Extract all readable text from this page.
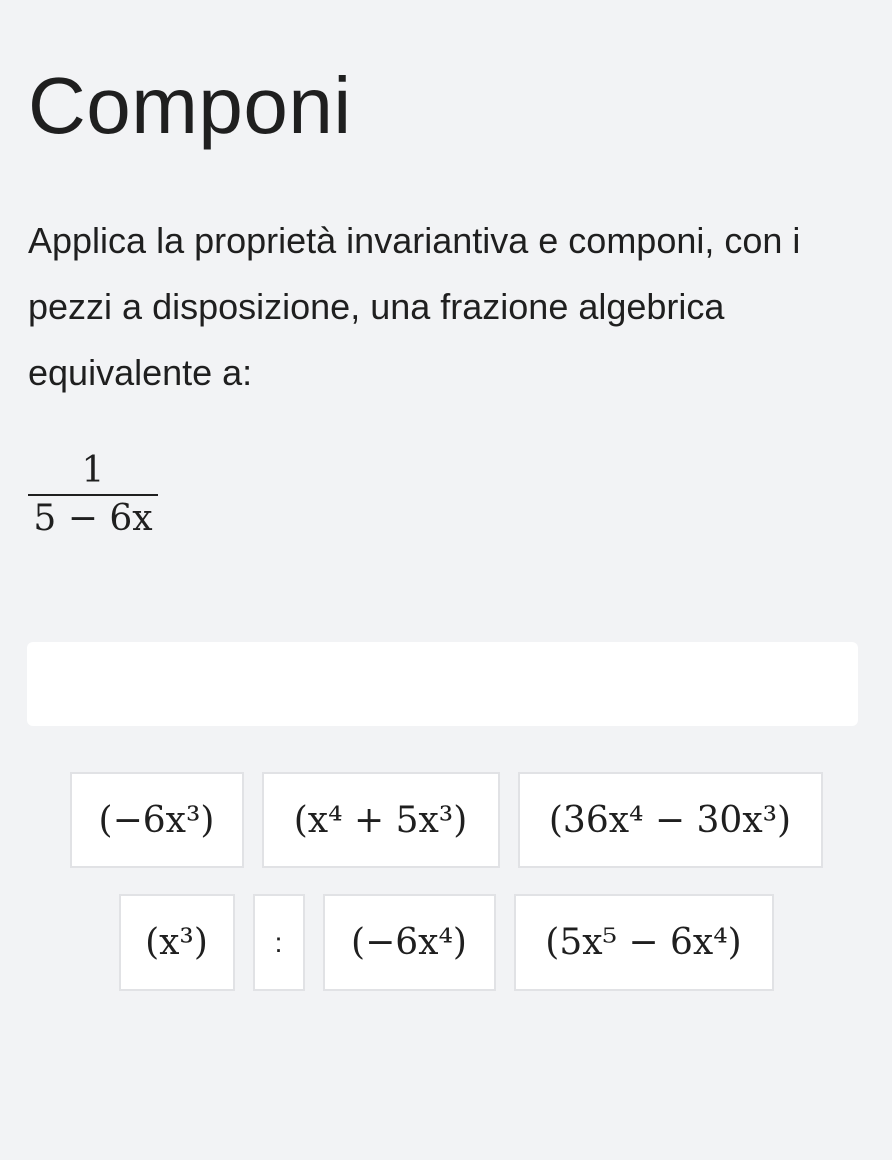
Componi

Applica la proprietà invariantiva e componi, con i pezzi a disposizione, una frazione algebrica equivalente a:

1
5 − 6x
(−6x³)	(x⁴ + 5x³)	(36x⁴ − 30x³)
(x³)	:	(−6x⁴)	(5x⁵ − 6x⁴)
